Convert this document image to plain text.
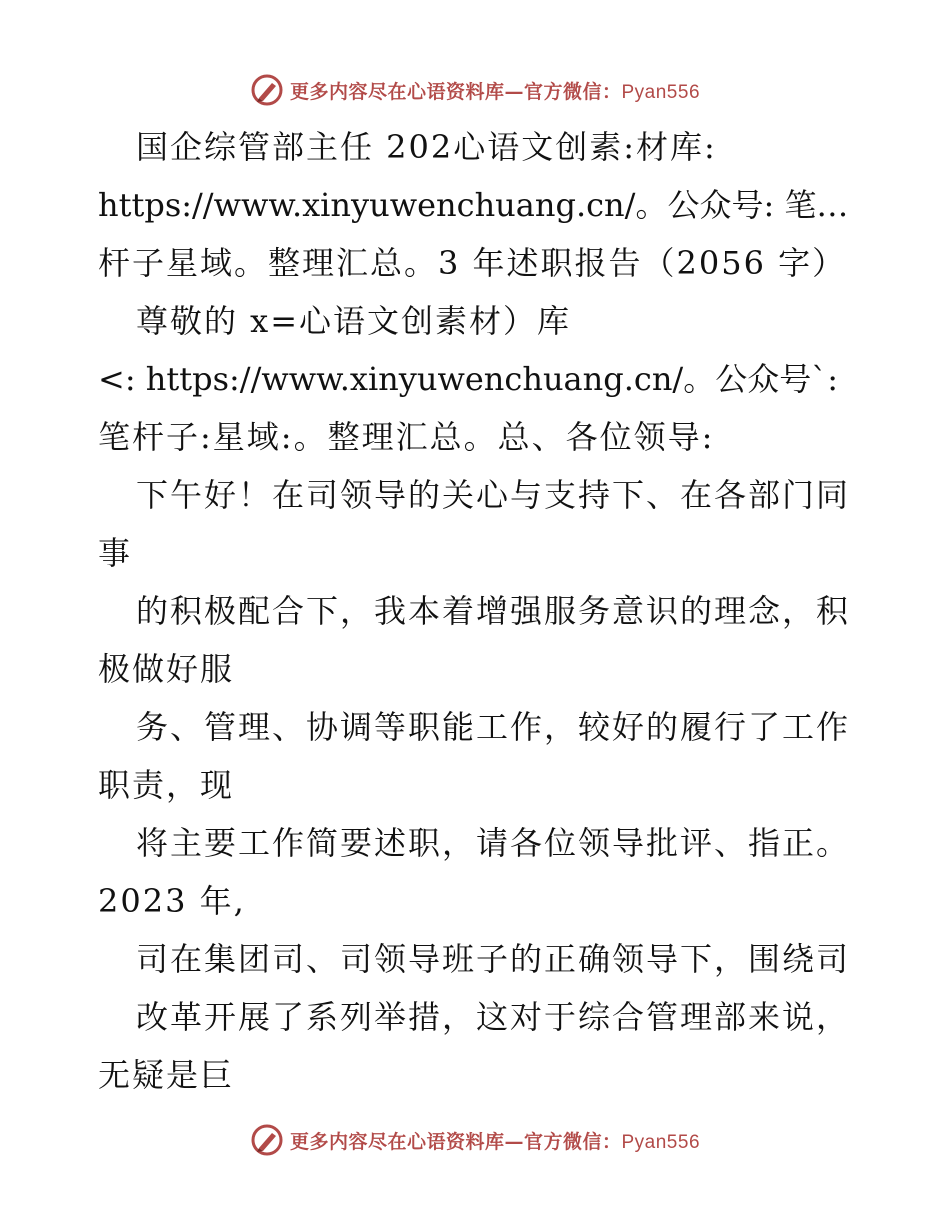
更多内容尽在心语资料库—官方微信：Pyan556
国企综管部主任 202心语文创素:材库:
https://www.xinyuwenchuang.cn/。公众号: 笔…
杆子星域。整理汇总。3 年述职报告（2056 字）
尊敬的 x=心语文创素材）库
<: https://www.xinyuwenchuang.cn/。公众号`:
笔杆子:星域:。整理汇总。总、各位领导:
下午好！在司领导的关心与支持下、在各部门同
事
的积极配合下，我本着增强服务意识的理念，积
极做好服
务、管理、协调等职能工作，较好的履行了工作
职责，现
将主要工作简要述职，请各位领导批评、指正。
2023 年,
司在集团司、司领导班子的正确领导下，围绕司
改革开展了系列举措，这对于综合管理部来说，
无疑是巨
更多内容尽在心语资料库—官方微信：Pyan556
